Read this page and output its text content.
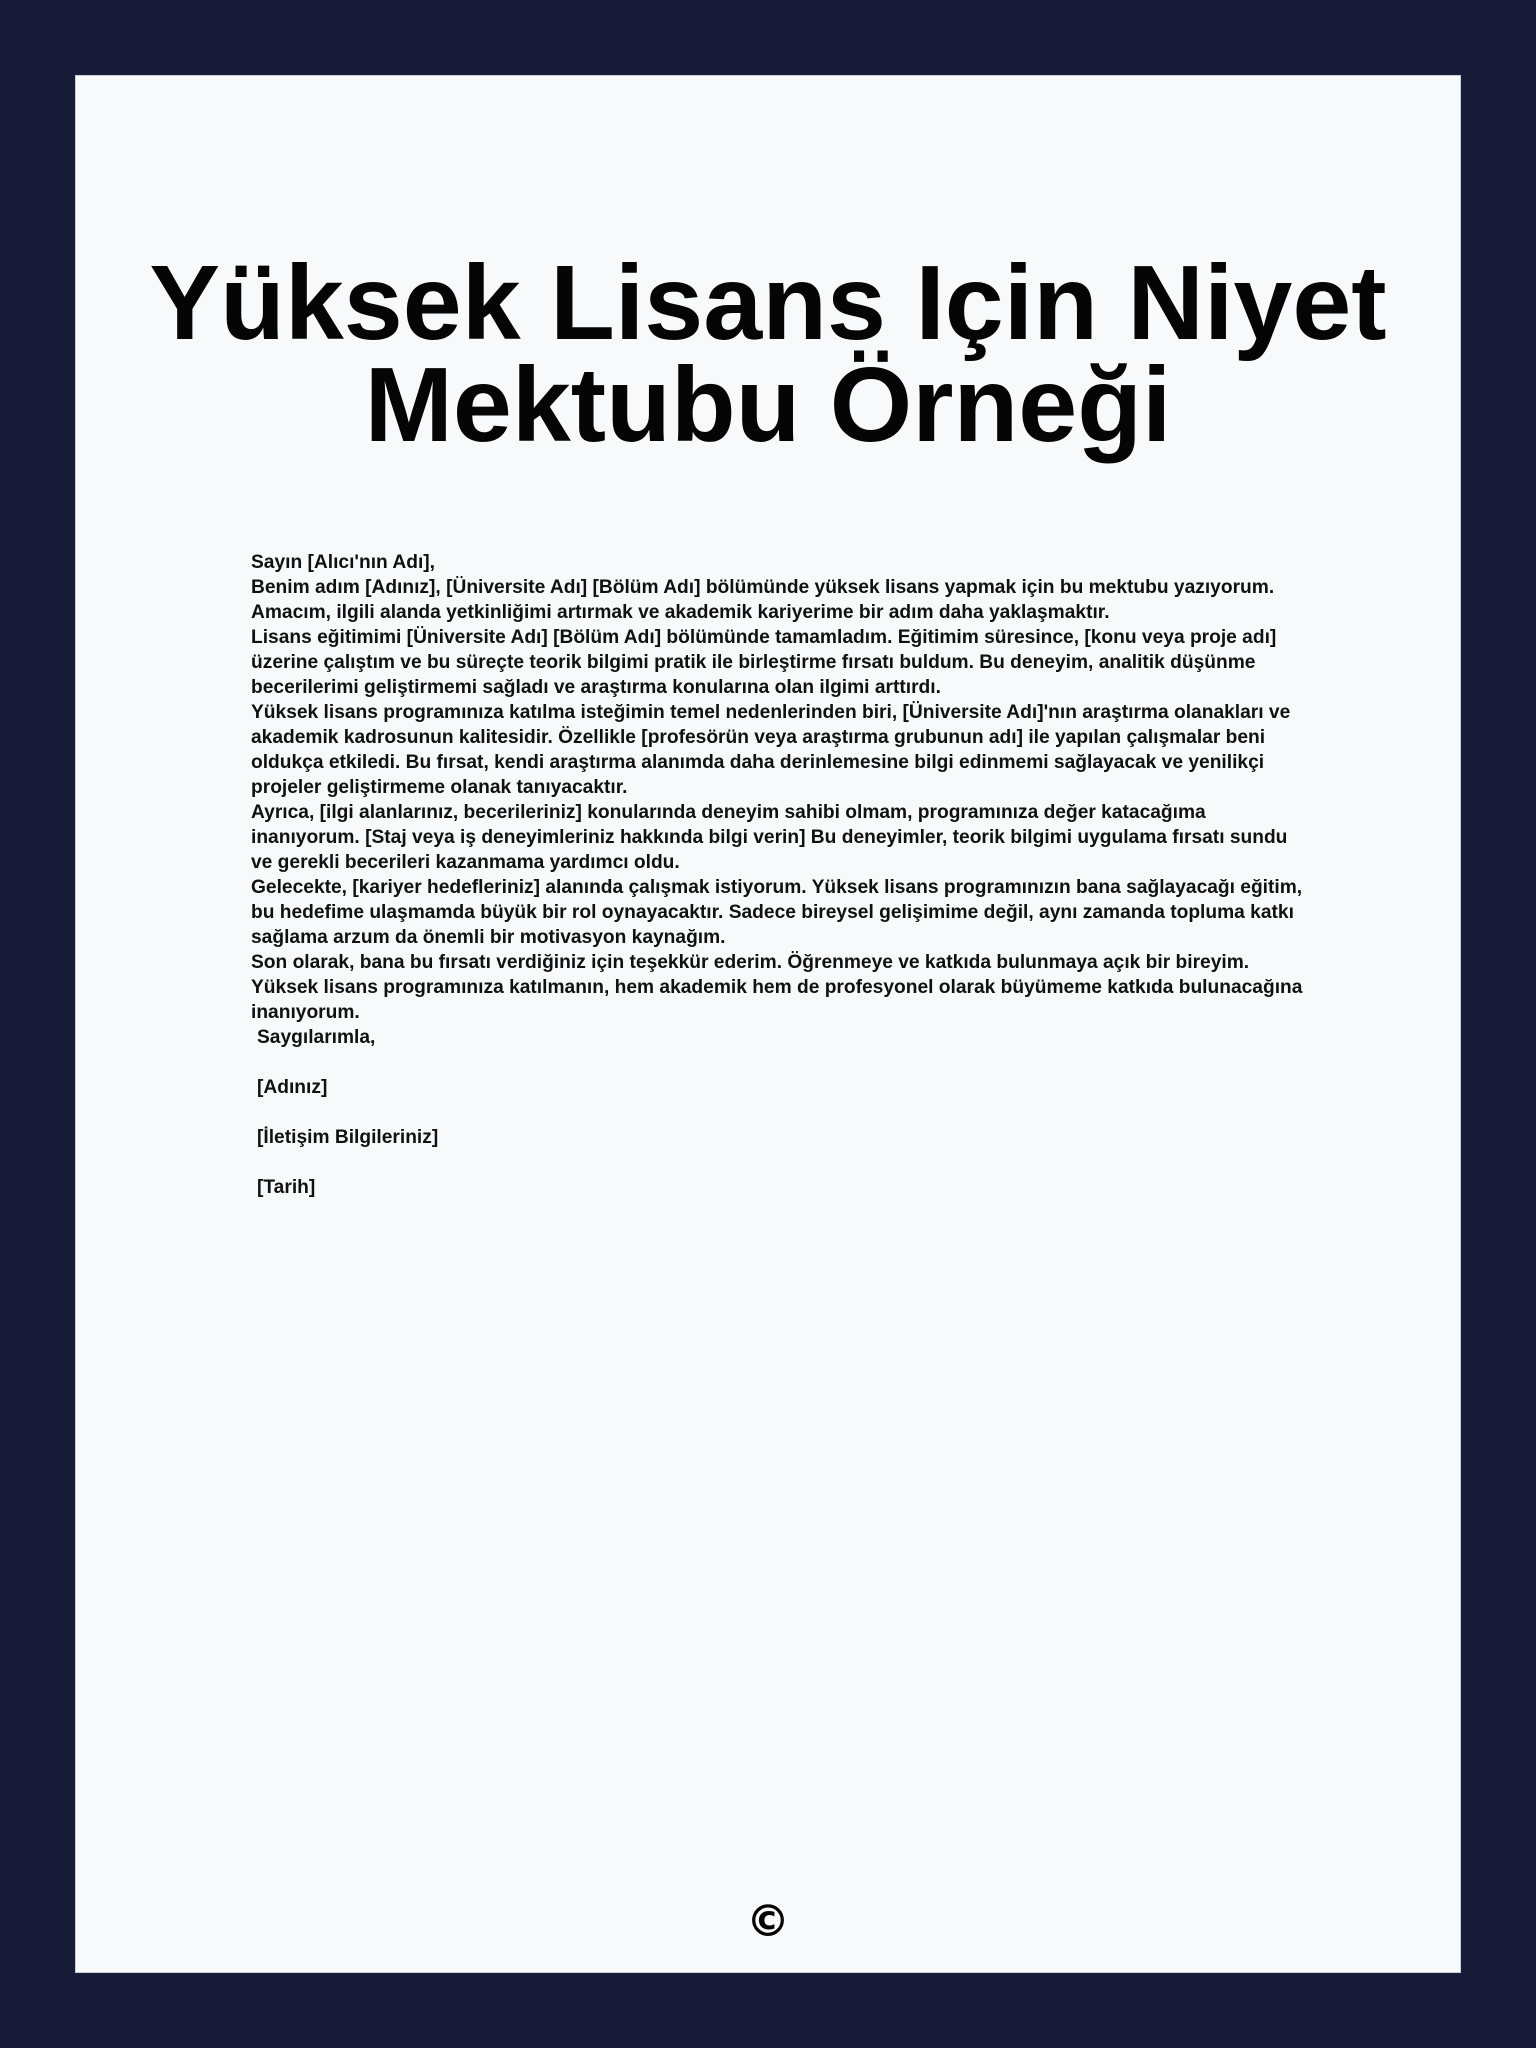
Yüksek Lisans Için Niyet Mektubu Örneği

Sayın [Alıcı'nın Adı],

Benim adım [Adınız], [Üniversite Adı] [Bölüm Adı] bölümünde yüksek lisans yapmak için bu mektubu yazıyorum. Amacım, ilgili alanda yetkinliğimi artırmak ve akademik kariyerime bir adım daha yaklaşmaktır.

Lisans eğitimimi [Üniversite Adı] [Bölüm Adı] bölümünde tamamladım. Eğitimim süresince, [konu veya proje adı] üzerine çalıştım ve bu süreçte teorik bilgimi pratik ile birleştirme fırsatı buldum. Bu deneyim, analitik düşünme becerilerimi geliştirmemi sağladı ve araştırma konularına olan ilgimi arttırdı.

Yüksek lisans programınıza katılma isteğimin temel nedenlerinden biri, [Üniversite Adı]'nın araştırma olanakları ve akademik kadrosunun kalitesidir. Özellikle [profesörün veya araştırma grubunun adı] ile yapılan çalışmalar beni oldukça etkiledi. Bu fırsat, kendi araştırma alanımda daha derinlemesine bilgi edinmemi sağlayacak ve yenilikçi projeler geliştirmeme olanak tanıyacaktır.

Ayrıca, [ilgi alanlarınız, becerileriniz] konularında deneyim sahibi olmam, programınıza değer katacağıma inanıyorum. [Staj veya iş deneyimleriniz hakkında bilgi verin] Bu deneyimler, teorik bilgimi uygulama fırsatı sundu ve gerekli becerileri kazanmama yardımcı oldu.

Gelecekte, [kariyer hedefleriniz] alanında çalışmak istiyorum. Yüksek lisans programınızın bana sağlayacağı eğitim, bu hedefime ulaşmamda büyük bir rol oynayacaktır. Sadece bireysel gelişimime değil, aynı zamanda topluma katkı sağlama arzum da önemli bir motivasyon kaynağım.

Son olarak, bana bu fırsatı verdiğiniz için teşekkür ederim. Öğrenmeye ve katkıda bulunmaya açık bir bireyim. Yüksek lisans programınıza katılmanın, hem akademik hem de profesyonel olarak büyümeme katkıda bulunacağına inanıyorum.

Saygılarımla,

[Adınız]

[İletişim Bilgileriniz]

[Tarih]

©
